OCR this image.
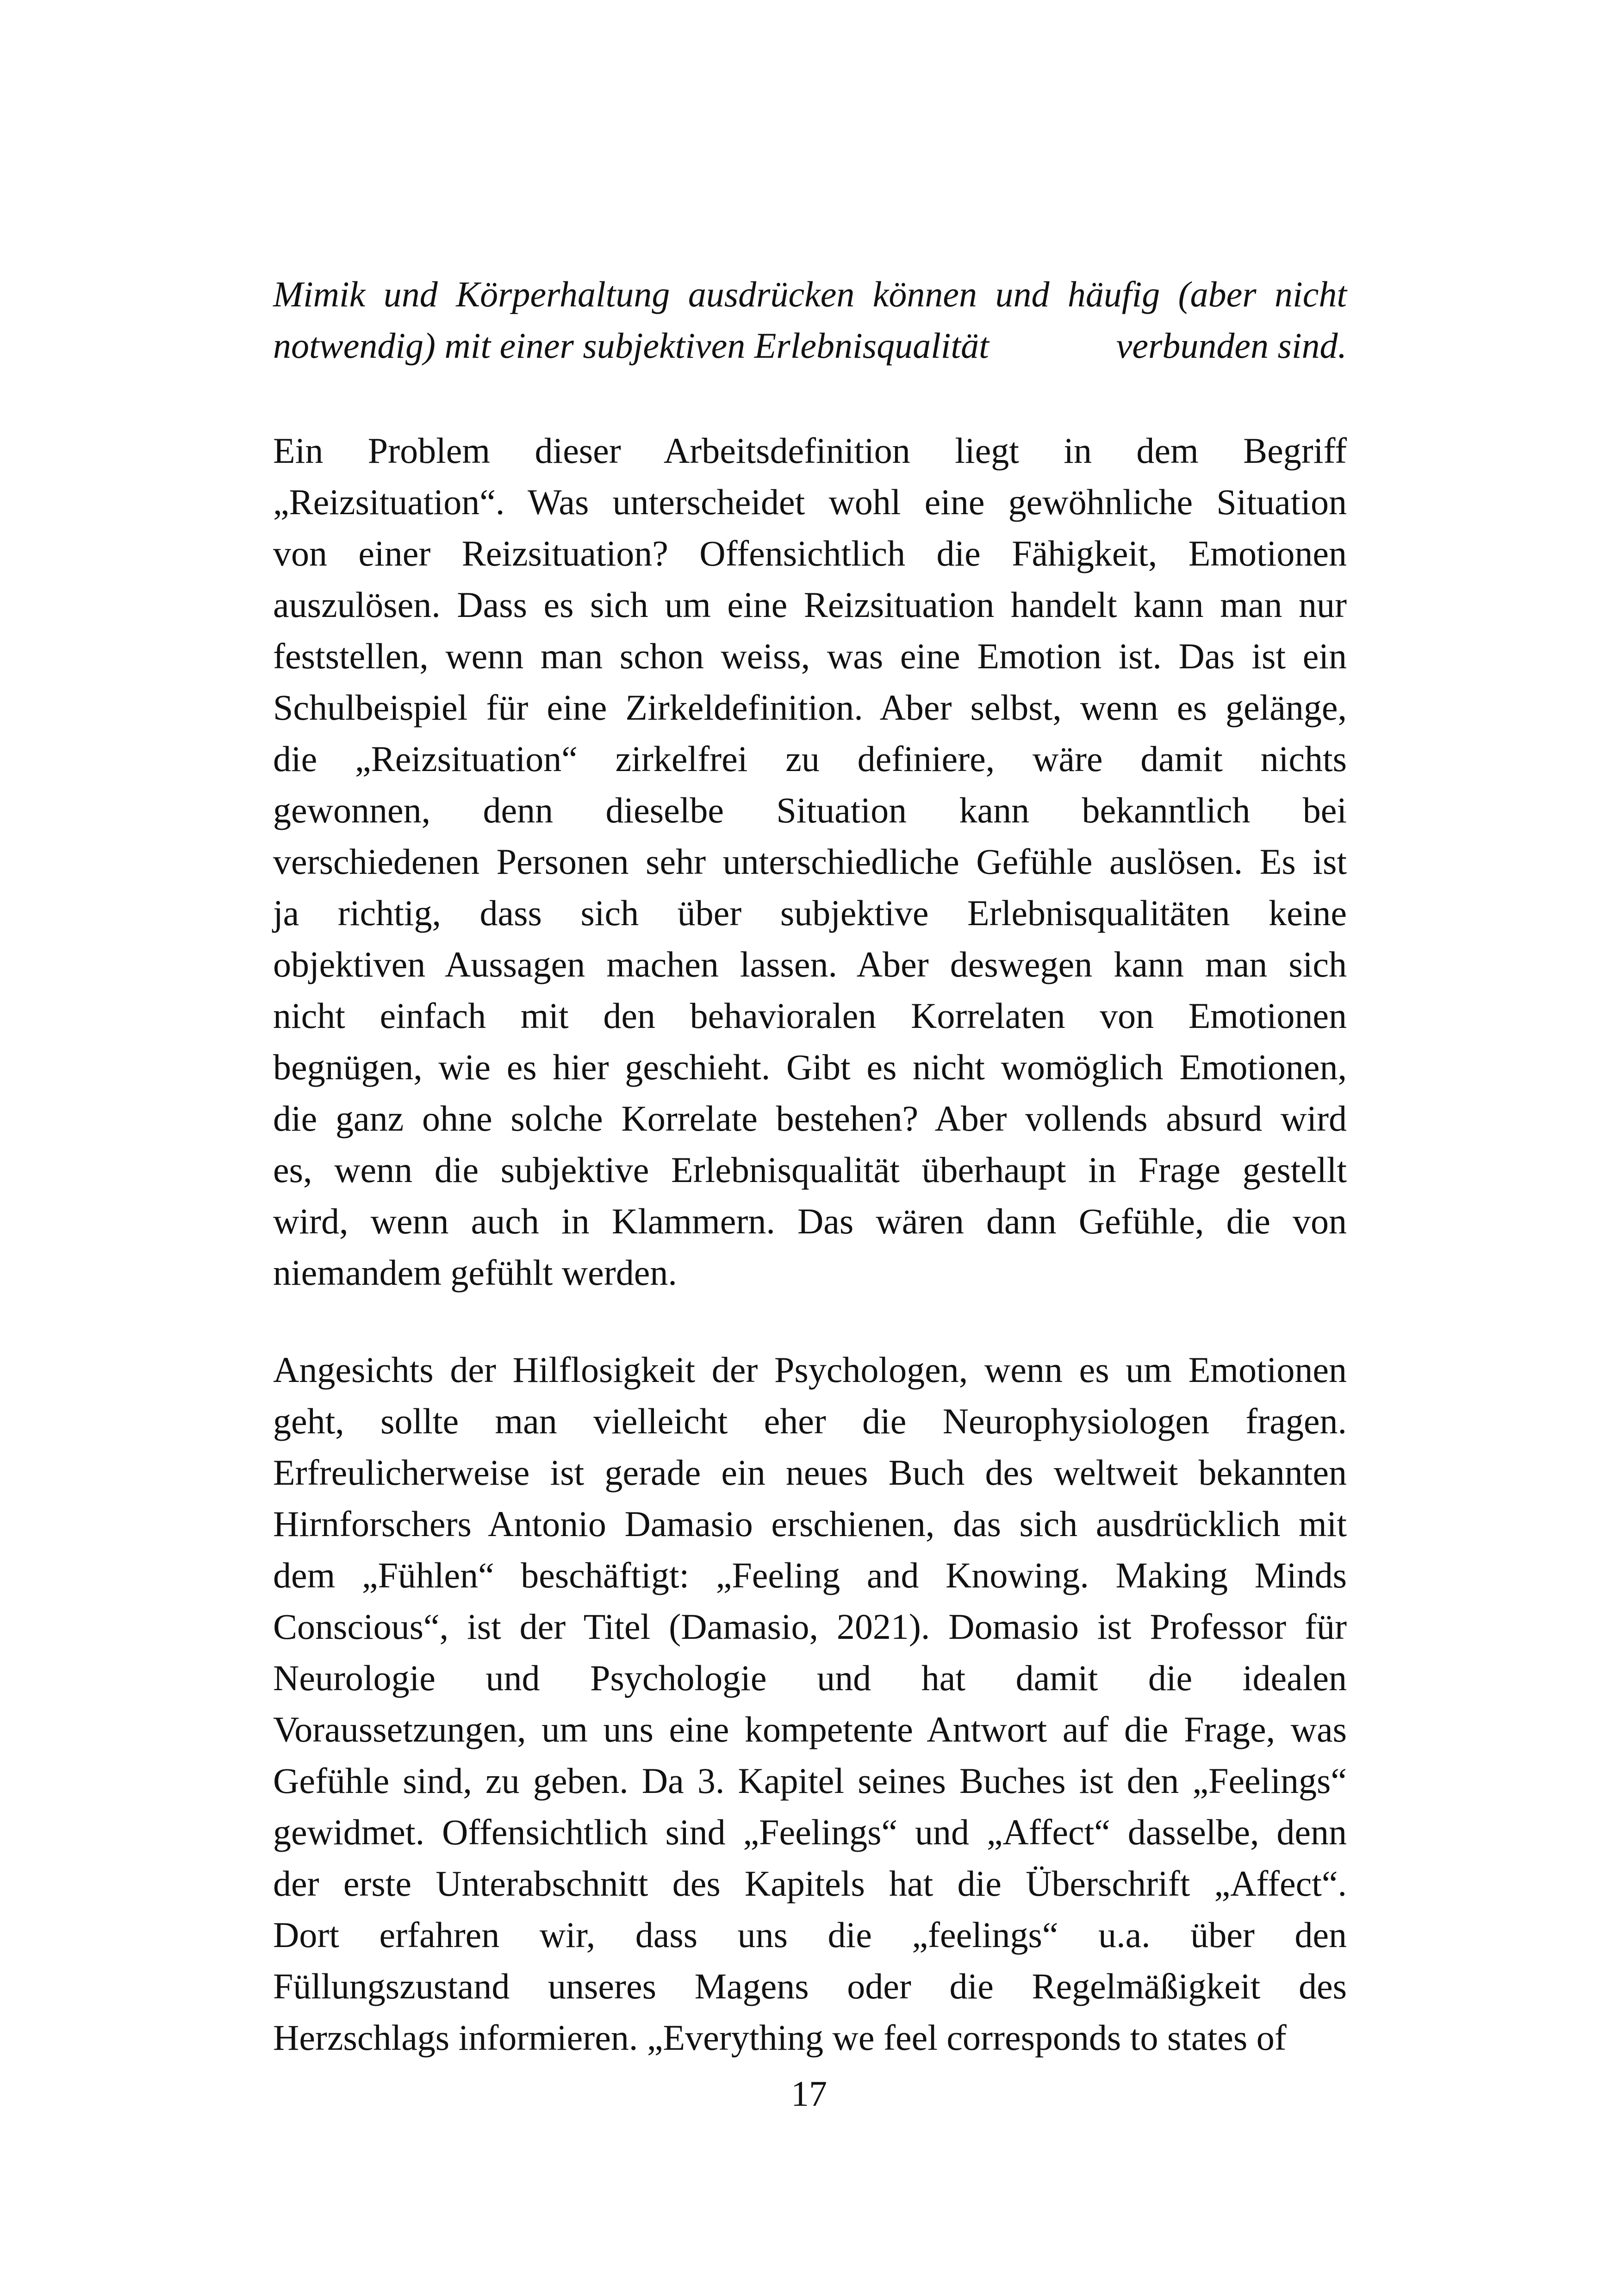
Mimik und Körperhaltung ausdrücken können und häufig (aber nicht
notwendig) mit einer subjektiven Erlebnisqualität	verbunden sind.
Ein Problem dieser Arbeitsdefinition liegt in dem Begriff
„Reizsituation“. Was unterscheidet wohl eine gewöhnliche Situation
von einer Reizsituation? Offensichtlich die Fähigkeit, Emotionen
auszulösen. Dass es sich um eine Reizsituation handelt kann man nur
feststellen, wenn man schon weiss, was eine Emotion ist. Das ist ein
Schulbeispiel für eine Zirkeldefinition. Aber selbst, wenn es gelänge,
die „Reizsituation“ zirkelfrei zu definiere, wäre damit nichts
gewonnen, denn dieselbe Situation kann bekanntlich bei
verschiedenen Personen sehr unterschiedliche Gefühle auslösen. Es ist
ja richtig, dass sich über subjektive Erlebnisqualitäten keine
objektiven Aussagen machen lassen. Aber deswegen kann man sich
nicht einfach mit den behavioralen Korrelaten von Emotionen
begnügen, wie es hier geschieht. Gibt es nicht womöglich Emotionen,
die ganz ohne solche Korrelate bestehen? Aber vollends absurd wird
es, wenn die subjektive Erlebnisqualität überhaupt in Frage gestellt
wird, wenn auch in Klammern. Das wären dann Gefühle, die von
niemandem gefühlt werden.
Angesichts der Hilflosigkeit der Psychologen, wenn es um Emotionen
geht, sollte man vielleicht eher die Neurophysiologen fragen.
Erfreulicherweise ist gerade ein neues Buch des weltweit bekannten
Hirnforschers Antonio Damasio erschienen, das sich ausdrücklich mit
dem „Fühlen“ beschäftigt: „Feeling and Knowing. Making Minds
Conscious“, ist der Titel (Damasio, 2021). Domasio ist Professor für
Neurologie und Psychologie und hat damit die idealen
Voraussetzungen, um uns eine kompetente Antwort auf die Frage, was
Gefühle sind, zu geben. Da 3. Kapitel seines Buches ist den „Feelings“
gewidmet. Offensichtlich sind „Feelings“ und „Affect“ dasselbe, denn
der erste Unterabschnitt des Kapitels hat die Überschrift „Affect“.
Dort erfahren wir, dass uns die „feelings“ u.a. über den
Füllungszustand unseres Magens oder die Regelmäßigkeit des
Herzschlags informieren. „Everything we feel corresponds to states of
17
